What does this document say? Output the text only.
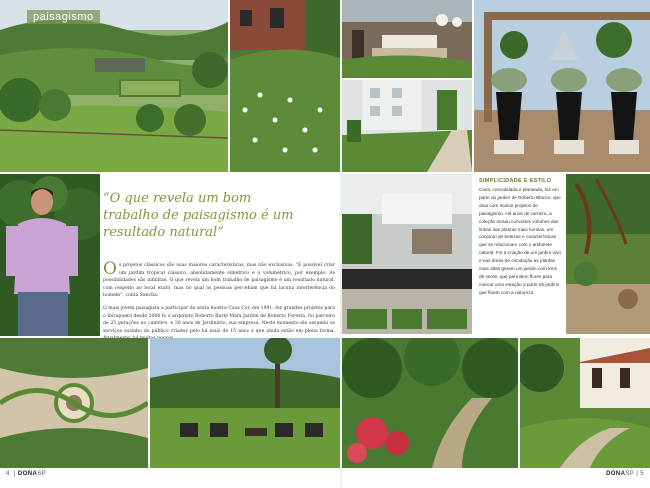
paisagismo
“O que revela um bom trabalho de paisagismo é um resultado natural”

O s projetos clássicos são suas maiores características, mas não exclusivas. “É possível criar um jardim tropical clássico, absolutamente simétrico e o volumétrico, por exemplo. As possibilidades são infinitas. O que revela um bom trabalho de paisagismo é um resultado natural, com respeito ao local exato, mas no qual as pessoas percebam que há lacuna interferência do homem”, conta Sancha.

O mais jovem paisagista a participar da sexta mostra Casa Cor, em 1991, fez grandes projetos para o Ibirapuera desde 2006 fo o arquiteto Roberto Burle Marx Jardim de Roberto Foresta, foi parceiro de 25 gerações no canteiro, e 30 anos de Jardinário, sua empresa. Neste momento ele assumiu os serviços sozinho do público criados pelo há mais de 15 anos e que ainda estão em plena forma.

SIMPLICIDADE E ESTILO
Casa, consolidada e planeada, faz em parte do jardim de Roberto Blanco, que atua com muitos projetos de paisagismo. Há anos de carreira, a coleção incluiu conceitos volumes das linhas das plantas mais bonitas, um conjunto de belezas e características que se relacionam com o ambiente natural. Foi a criação de um jardim vivo, e nas áreas de circulação as plantas mais altas geram um jardim com tons de verde, que permitem flores para marcar uma estação a partir de jardins que fluem com a natureza.
4  | DONASP	DONASP | 5
